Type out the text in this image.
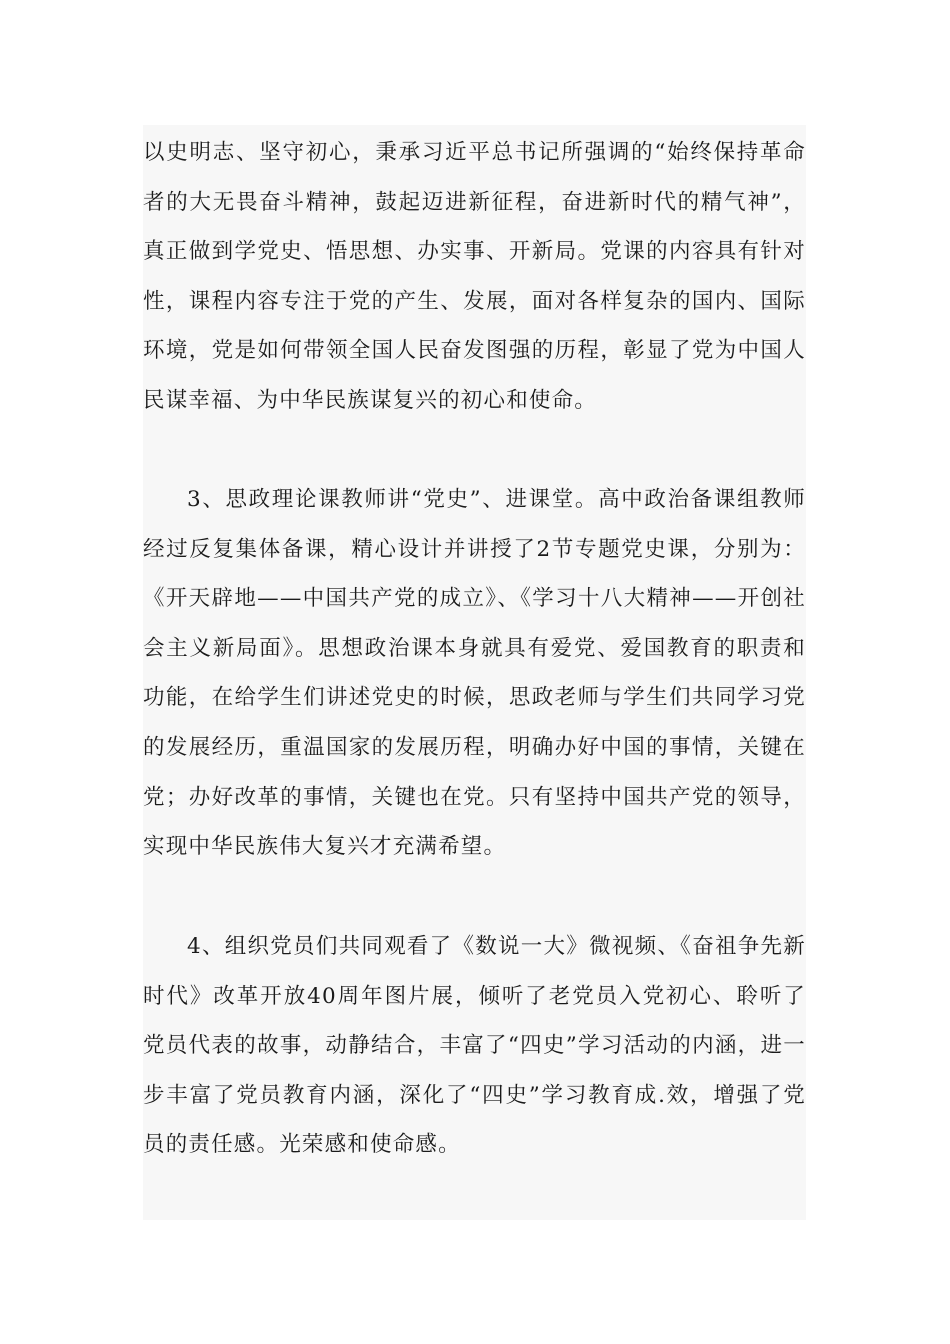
以史明志、坚守初心，秉承习近平总书记所强调的“始终保持革命者的大无畏奋斗精神，鼓起迈进新征程，奋进新时代的精气神”，真正做到学党史、悟思想、办实事、开新局。党课的内容具有针对性，课程内容专注于党的产生、发展，面对各样复杂的国内、国际环境，党是如何带领全国人民奋发图强的历程，彰显了党为中国人民谋幸福、为中华民族谋复兴的初心和使命。

3、思政理论课教师讲“党史”、进课堂。高中政治备课组教师经过反复集体备课，精心设计并讲授了2节专题党史课，分别为：《开天辟地——中国共产党的成立》、《学习十八大精神——开创社会主义新局面》。思想政治课本身就具有爱党、爱国教育的职责和功能，在给学生们讲述党史的时候，思政老师与学生们共同学习党的发展经历，重温国家的发展历程，明确办好中国的事情，关键在党；办好改革的事情，关键也在党。只有坚持中国共产党的领导，实现中华民族伟大复兴才充满希望。

4、组织党员们共同观看了《数说一大》微视频、《奋祖争先新时代》改革开放40周年图片展，倾听了老党员入党初心、聆听了党员代表的故事，动静结合，丰富了“四史”学习活动的内涵，进一步丰富了党员教育内涵，深化了“四史”学习教育成.效，增强了党员的责任感。光荣感和使命感。
